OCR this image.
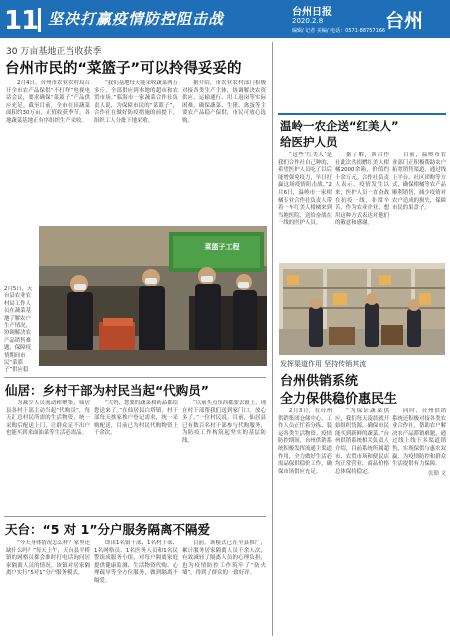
11 坚决打赢疫情防控阻击战	台州日报
2020.2.8
编辑/ 记者 美编/ 电话：0571-88757166 台州
30 万亩基地正当收获季
台州市民的“菜篮子”可以拎得妥妥的

2月4日，台州市农业农村局召开全市农产品保供“不打烊”电视电话会议，要求确保“菜篮子”产品供应充足。截至目前，全市在田蔬菜面积约30万亩，正值收获季节，各地蔬菜基地正有序组织生产采收。

“我们基地每天能采收蔬菜两万多斤，全部供应到本地的超市和农贸市场。”临海市一家蔬菜合作社负责人说，为保障市民的“菜篮子”，合作社在做好防疫措施的前提下，组织工人分批下地采收。

据介绍，市农业农村部门积极对接各类生产主体，协调解决农资供应、运输通行、用工返岗等实际困难，确保蔬菜、生猪、禽蛋等主要农产品稳产保供，市民可放心选购。

菜篮子工程
2月5日，天台县农业农村局工作人员在蔬菜基地了解农户生产情况，协调解决农产品销售难题，保障疫情期间市民“菜篮子”供应稳
仙居：乡村干部为村民当起“代购员”

为减少人员流动和聚集，仙居县各村干部主动当起“代购员”，每天汇总村民所需的生活物资，统一采购后配送上门，让群众足不出户也能买到米面油菜等生活必需品。

“大妈，您要的蔬菜和药品都给您送来了。”在仙居县白塔镇，村干部每天挨家挨户登记需求，统一采购配送，目前已为村民代购物资上千余次。

“以前买点东西都要去镇上，现在村干部帮我们送到家门口，放心多了。”一位村民说。目前，仙居县已有数百名村干部参与代购服务，为防疫工作构筑起坚实的基层防线。

天台：“5 对 1”分户服务隔离不隔爱

“今天身体情况怎么样？家里还缺什么吗？”每天上午，天台县平桥镇的网格员都会准时打电话询问居家隔离人员的情况。该镇对居家隔离户实行“5对1”分户服务模式。

即由1名镇干部、1名村干部、1名网格员、1名医务人员和1名民警组成服务小组，对每户隔离家庭提供健康监测、生活物资代购、心理疏导等全方位服务，做到隔离不隔爱。

目前，该模式已在全县推广，累计服务居家隔离人员千余人次，有效减轻了隔离人员的心理负担，也为疫情防控工作筑牢了“防火墙”，得到了群众的一致好评。

温岭一农企送“红美人”
给医护人员

“这些‘红美人’是我们合作社自己种的，希望医护人员吃了以后能增强免疫力，早日打赢这场疫情阻击战。”2月6日，温岭市一家柑橘专业合作社负责人带着一车红美人柑橘来到当地医院，送给奋战在一线的医护人员。

据了解，该合作社此次共捐赠红美人柑橘2000余箱，价值约十余万元。合作社负责人表示，疫情发生以来，医护人员一直奋战在抗疫一线，非常辛苦，作为农业企业，想用这种方式表达对他们的敬意和感谢。

目前，温岭市农业部门正积极帮助农户拓宽销售渠道，通过线上平台、社区团购等方式，确保柑橘等农产品顺利销售，减少疫情对农户造成的损失，保障市民的果盘子。

发挥渠道作用 坚持传销其流
台州供销系统
全力保供稳价惠民生

2月3日，在台州供销集团仓储中心，工作人员正忙着分拣、装运各类生活物资。疫情防控期间，台州供销系统积极发挥流通主渠道作用，全力做好生活必需品保供稳价工作，确保市场供应充足。

“为保证蔬菜供应，我们每天凌晨就开始组织货源，确保市民能买到新鲜的蔬菜。”台州供销系统相关负责人介绍，目前系统所属超市、农贸市场和便民店均正常营业，商品价格总体保持稳定。

同时，台州供销系统还积极对接各类农业合作社，帮助农户解决农产品滞销难题，通过线上线下多渠道销售，实现保供与惠农双赢，为疫情防控和群众生活提供有力保障。

张勤 文
